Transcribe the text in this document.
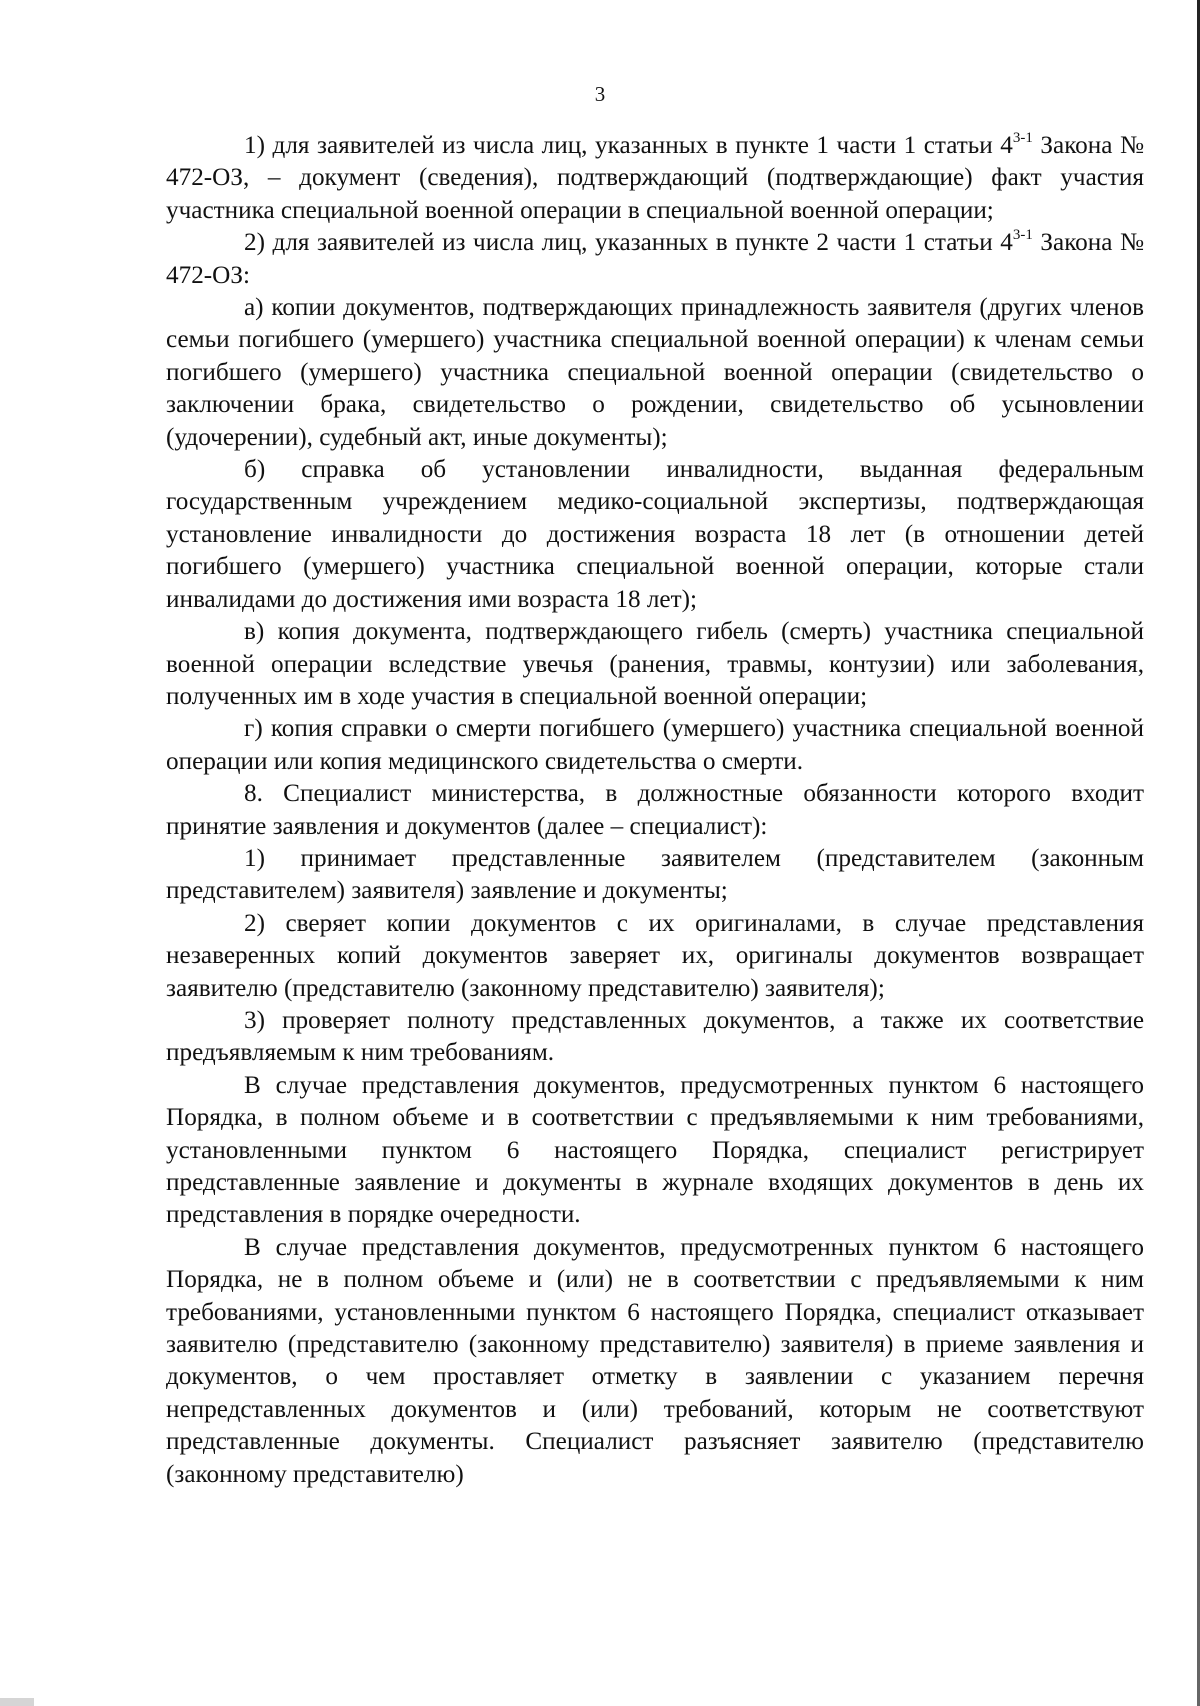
3

1) для заявителей из числа лиц, указанных в пункте 1 части 1 статьи 4$^{3-1}$ Закона № 472-ОЗ, – документ (сведения), подтверждающий (подтверждающие) факт участия участника специальной военной операции в специальной военной операции;

2) для заявителей из числа лиц, указанных в пункте 2 части 1 статьи 4$^{3-1}$ Закона № 472-ОЗ:

а) копии документов, подтверждающих принадлежность заявителя (других членов семьи погибшего (умершего) участника специальной военной операции) к членам семьи погибшего (умершего) участника специальной военной операции (свидетельство о заключении брака, свидетельство о рождении, свидетельство об усыновлении (удочерении), судебный акт, иные документы);

б) справка об установлении инвалидности, выданная федеральным государственным учреждением медико-социальной экспертизы, подтверждающая установление инвалидности до достижения возраста 18 лет (в отношении детей погибшего (умершего) участника специальной военной операции, которые стали инвалидами до достижения ими возраста 18 лет);

в) копия документа, подтверждающего гибель (смерть) участника специальной военной операции вследствие увечья (ранения, травмы, контузии) или заболевания, полученных им в ходе участия в специальной военной операции;

г) копия справки о смерти погибшего (умершего) участника специальной военной операции или копия медицинского свидетельства о смерти.

8. Специалист министерства, в должностные обязанности которого входит принятие заявления и документов (далее – специалист):

1) принимает представленные заявителем (представителем (законным представителем) заявителя) заявление и документы;

2) сверяет копии документов с их оригиналами, в случае представления незаверенных копий документов заверяет их, оригиналы документов возвращает заявителю (представителю (законному представителю) заявителя);

3) проверяет полноту представленных документов, а также их соответствие предъявляемым к ним требованиям.

В случае представления документов, предусмотренных пунктом 6 настоящего Порядка, в полном объеме и в соответствии с предъявляемыми к ним требованиями, установленными пунктом 6 настоящего Порядка, специалист регистрирует представленные заявление и документы в журнале входящих документов в день их представления в порядке очередности.

В случае представления документов, предусмотренных пунктом 6 настоящего Порядка, не в полном объеме и (или) не в соответствии с предъявляемыми к ним требованиями, установленными пунктом 6 настоящего Порядка, специалист отказывает заявителю (представителю (законному представителю) заявителя) в приеме заявления и документов, о чем проставляет отметку в заявлении с указанием перечня непредставленных документов и (или) требований, которым не соответствуют представленные документы. Специалист разъясняет заявителю (представителю (законному представителю)
